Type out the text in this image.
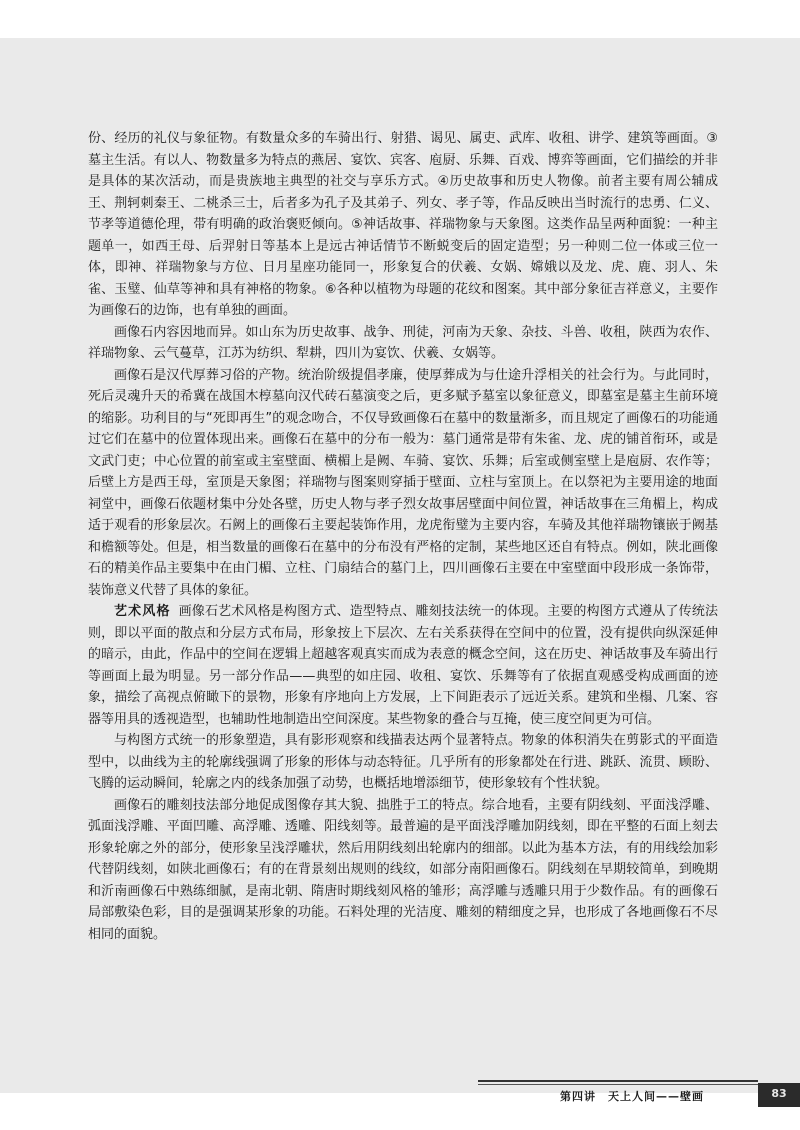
份、经历的礼仪与象征物。有数量众多的车骑出行、射猎、谒见、属吏、武库、收租、讲学、建筑等画面。③墓主生活。有以人、物数量多为特点的燕居、宴饮、宾客、庖厨、乐舞、百戏、博弈等画面，它们描绘的并非是具体的某次活动，而是贵族地主典型的社交与享乐方式。④历史故事和历史人物像。前者主要有周公辅成王、荆轲刺秦王、二桃杀三士，后者多为孔子及其弟子、列女、孝子等，作品反映出当时流行的忠勇、仁义、节孝等道德伦理，带有明确的政治褒贬倾向。⑤神话故事、祥瑞物象与天象图。这类作品呈两种面貌：一种主题单一，如西王母、后羿射日等基本上是远古神话情节不断蜕变后的固定造型；另一种则二位一体或三位一体，即神、祥瑞物象与方位、日月星座功能同一，形象复合的伏羲、女娲、嫦娥以及龙、虎、鹿、羽人、朱雀、玉璧、仙草等神和具有神格的物象。⑥各种以植物为母题的花纹和图案。其中部分象征吉祥意义，主要作为画像石的边饰，也有单独的画面。

画像石内容因地而异。如山东为历史故事、战争、刑徒，河南为天象、杂技、斗兽、收租，陕西为农作、祥瑞物象、云气蔓草，江苏为纺织、犁耕，四川为宴饮、伏羲、女娲等。

画像石是汉代厚葬习俗的产物。统治阶级提倡孝廉，使厚葬成为与仕途升浮相关的社会行为。与此同时，死后灵魂升天的希冀在战国木椁墓向汉代砖石墓演变之后，更多赋予墓室以象征意义，即墓室是墓主生前环境的缩影。功利目的与“死即再生”的观念吻合，不仅导致画像石在墓中的数量渐多，而且规定了画像石的功能通过它们在墓中的位置体现出来。画像石在墓中的分布一般为：墓门通常是带有朱雀、龙、虎的铺首衔环，或是文武门吏；中心位置的前室或主室壁面、横楣上是阙、车骑、宴饮、乐舞；后室或侧室壁上是庖厨、农作等；后壁上方是西王母，室顶是天象图；祥瑞物与图案则穿插于壁面、立柱与室顶上。在以祭祀为主要用途的地面祠堂中，画像石依题材集中分处各壁，历史人物与孝子烈女故事居壁面中间位置，神话故事在三角楣上，构成适于观看的形象层次。石阙上的画像石主要起装饰作用，龙虎衔璧为主要内容，车骑及其他祥瑞物镶嵌于阙基和檐额等处。但是，相当数量的画像石在墓中的分布没有严格的定制，某些地区还自有特点。例如，陕北画像石的精美作品主要集中在由门楣、立柱、门扇结合的墓门上，四川画像石主要在中室壁面中段形成一条饰带，装饰意义代替了具体的象征。

艺术风格 画像石艺术风格是构图方式、造型特点、雕刻技法统一的体现。主要的构图方式遵从了传统法则，即以平面的散点和分层方式布局，形象按上下层次、左右关系获得在空间中的位置，没有提供向纵深延伸的暗示，由此，作品中的空间在逻辑上超越客观真实而成为表意的概念空间，这在历史、神话故事及车骑出行等画面上最为明显。另一部分作品——典型的如庄园、收租、宴饮、乐舞等有了依据直观感受构成画面的迹象，描绘了高视点俯瞰下的景物，形象有序地向上方发展，上下间距表示了远近关系。建筑和坐榻、几案、容器等用具的透视造型，也辅助性地制造出空间深度。某些物象的叠合与互掩，使三度空间更为可信。

与构图方式统一的形象塑造，具有影形观察和线描表达两个显著特点。物象的体积消失在剪影式的平面造型中，以曲线为主的轮廓线强调了形象的形体与动态特征。几乎所有的形象都处在行进、跳跃、流贯、顾盼、飞腾的运动瞬间，轮廓之内的线条加强了动势，也概括地增添细节，使形象较有个性状貌。

画像石的雕刻技法部分地促成图像存其大貌、拙胜于工的特点。综合地看，主要有阴线刻、平面浅浮雕、弧面浅浮雕、平面凹雕、高浮雕、透雕、阳线刻等。最普遍的是平面浅浮雕加阴线刻，即在平整的石面上刻去形象轮廓之外的部分，使形象呈浅浮雕状，然后用阴线刻出轮廓内的细部。以此为基本方法，有的用线绘加彩代替阴线刻，如陕北画像石；有的在背景刻出规则的线纹，如部分南阳画像石。阴线刻在早期较简单，到晚期和沂南画像石中熟练细腻，是南北朝、隋唐时期线刻风格的雏形；高浮雕与透雕只用于少数作品。有的画像石局部敷染色彩，目的是强调某形象的功能。石料处理的光洁度、雕刻的精细度之异，也形成了各地画像石不尽相同的面貌。

第四讲　天上人间——壁画	83
